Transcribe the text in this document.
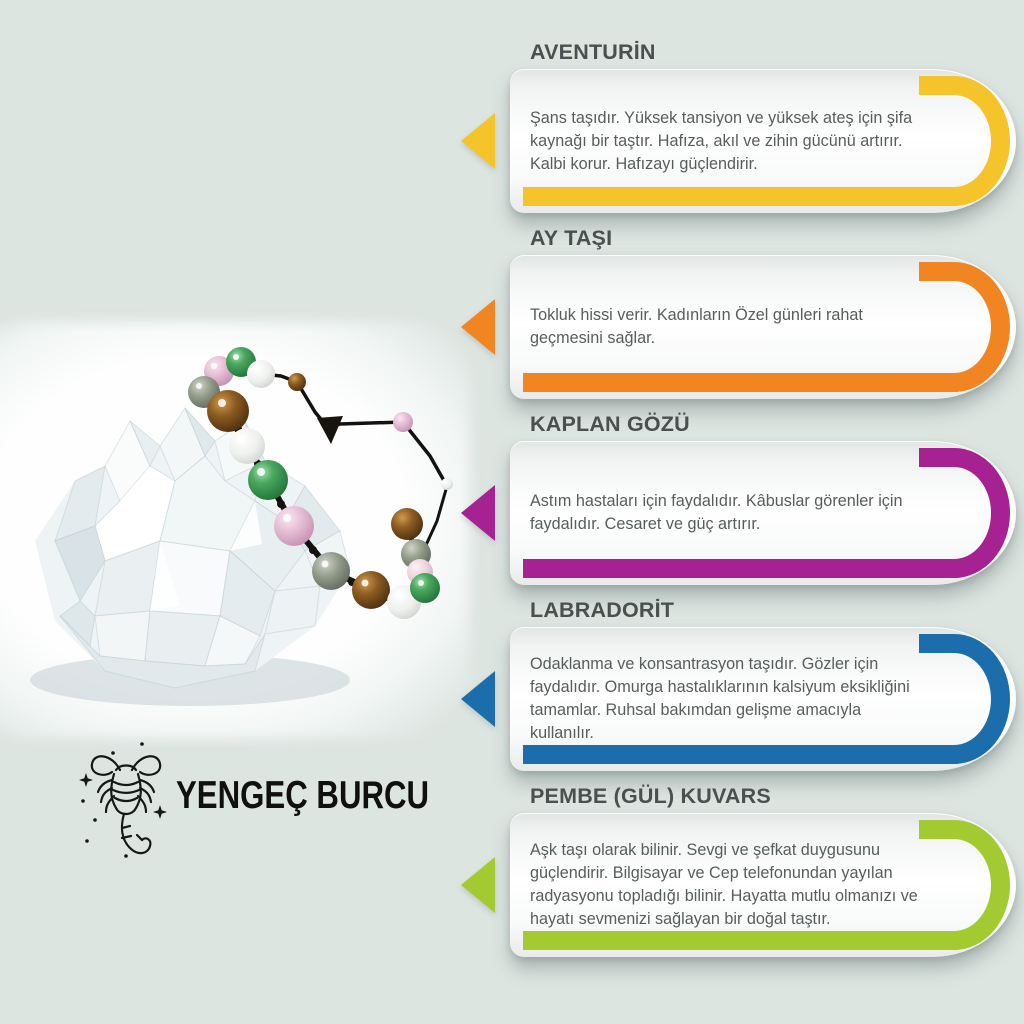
YENGEÇ BURCU
AVENTURİN

Şans taşıdır. Yüksek tansiyon ve yüksek ateş için şifa kaynağı bir taştır. Hafıza, akıl ve zihin gücünü artırır. Kalbi korur. Hafızayı güçlendirir.

AY TAŞI

Tokluk hissi verir. Kadınların Özel günleri rahat geçmesini sağlar.

KAPLAN GÖZÜ

Astım hastaları için faydalıdır. Kâbuslar görenler için faydalıdır. Cesaret ve güç artırır.

LABRADORİT

Odaklanma ve konsantrasyon taşıdır. Gözler için faydalıdır. Omurga hastalıklarının kalsiyum eksikliğini tamamlar. Ruhsal bakımdan gelişme amacıyla kullanılır.

PEMBE (GÜL) KUVARS

Aşk taşı olarak bilinir. Sevgi ve şefkat duygusunu güçlendirir. Bilgisayar ve Cep telefonundan yayılan radyasyonu topladığı bilinir. Hayatta mutlu olmanızı ve hayatı sevmenizi sağlayan bir doğal taştır.
